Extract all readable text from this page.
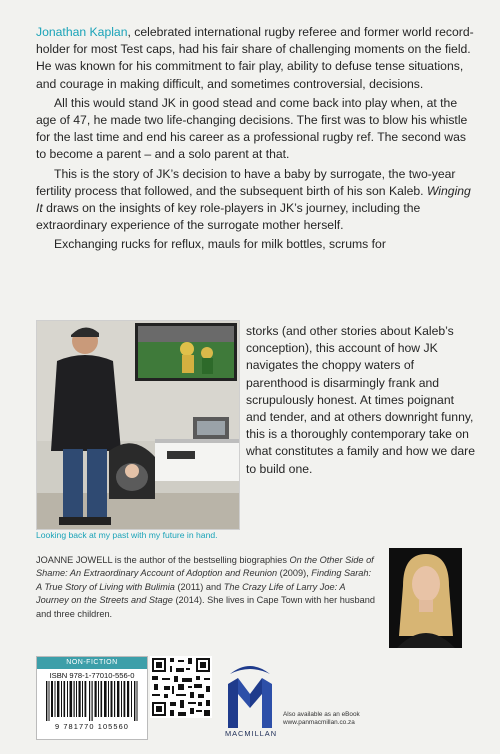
Jonathan Kaplan, celebrated international rugby referee and former world record-holder for most Test caps, had his fair share of challenging moments on the field. He was known for his commitment to fair play, ability to defuse tense situations, and courage in making difficult, and sometimes controversial, decisions.

All this would stand JK in good stead and come back into play when, at the age of 47, he made two life-changing decisions. The first was to blow his whistle for the last time and end his career as a professional rugby ref. The second was to become a parent – and a solo parent at that.

This is the story of JK’s decision to have a baby by surrogate, the two-year fertility process that followed, and the subsequent birth of his son Kaleb. Winging It draws on the insights of key role-players in JK’s journey, including the extraordinary experience of the surrogate mother herself.

Exchanging rucks for reflux, mauls for milk bottles, scrums for

Looking back at my past with my future in hand.

storks (and other stories about Kaleb’s conception), this account of how JK navigates the choppy waters of parenthood is disarmingly frank and scrupulously honest. At times poignant and tender, and at others downright funny, this is a thoroughly contemporary take on what constitutes a family and how we dare to build one.

JOANNE JOWELL is the author of the bestselling biographies On the Other Side of Shame: An Extraordinary Account of Adoption and Reunion (2009), Finding Sarah: A True Story of Living with Bulimia (2011) and The Crazy Life of Larry Joe: A Journey on the Streets and Stage (2014). She lives in Cape Town with her husband and three children.
NON-FICTION
ISBN 978-1-77010-556-0
9 781770 105560
MACMILLAN
Also available as an eBook
www.panmacmillan.co.za
